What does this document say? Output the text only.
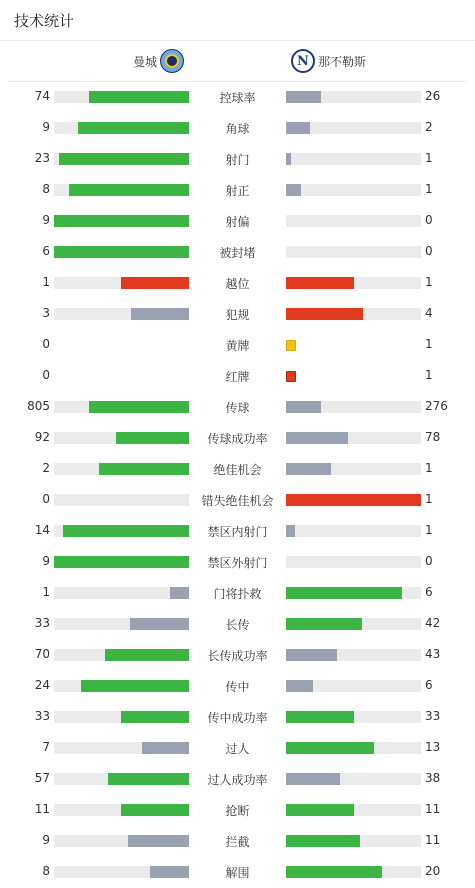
技术统计
曼城	N 那不勒斯
74	控球率	26
9	角球	2
23	射门	1
8	射正	1
9	射偏	0
6	被封堵	0
1	越位	1
3	犯规	4
0	黄牌	1
0	红牌	1
805	传球	276
92	传球成功率	78
2	绝佳机会	1
0	错失绝佳机会	1
14	禁区内射门	1
9	禁区外射门	0
1	门将扑救	6
33	长传	42
70	长传成功率	43
24	传中	6
33	传中成功率	33
7	过人	13
57	过人成功率	38
11	抢断	11
9	拦截	11
8	解围	20
